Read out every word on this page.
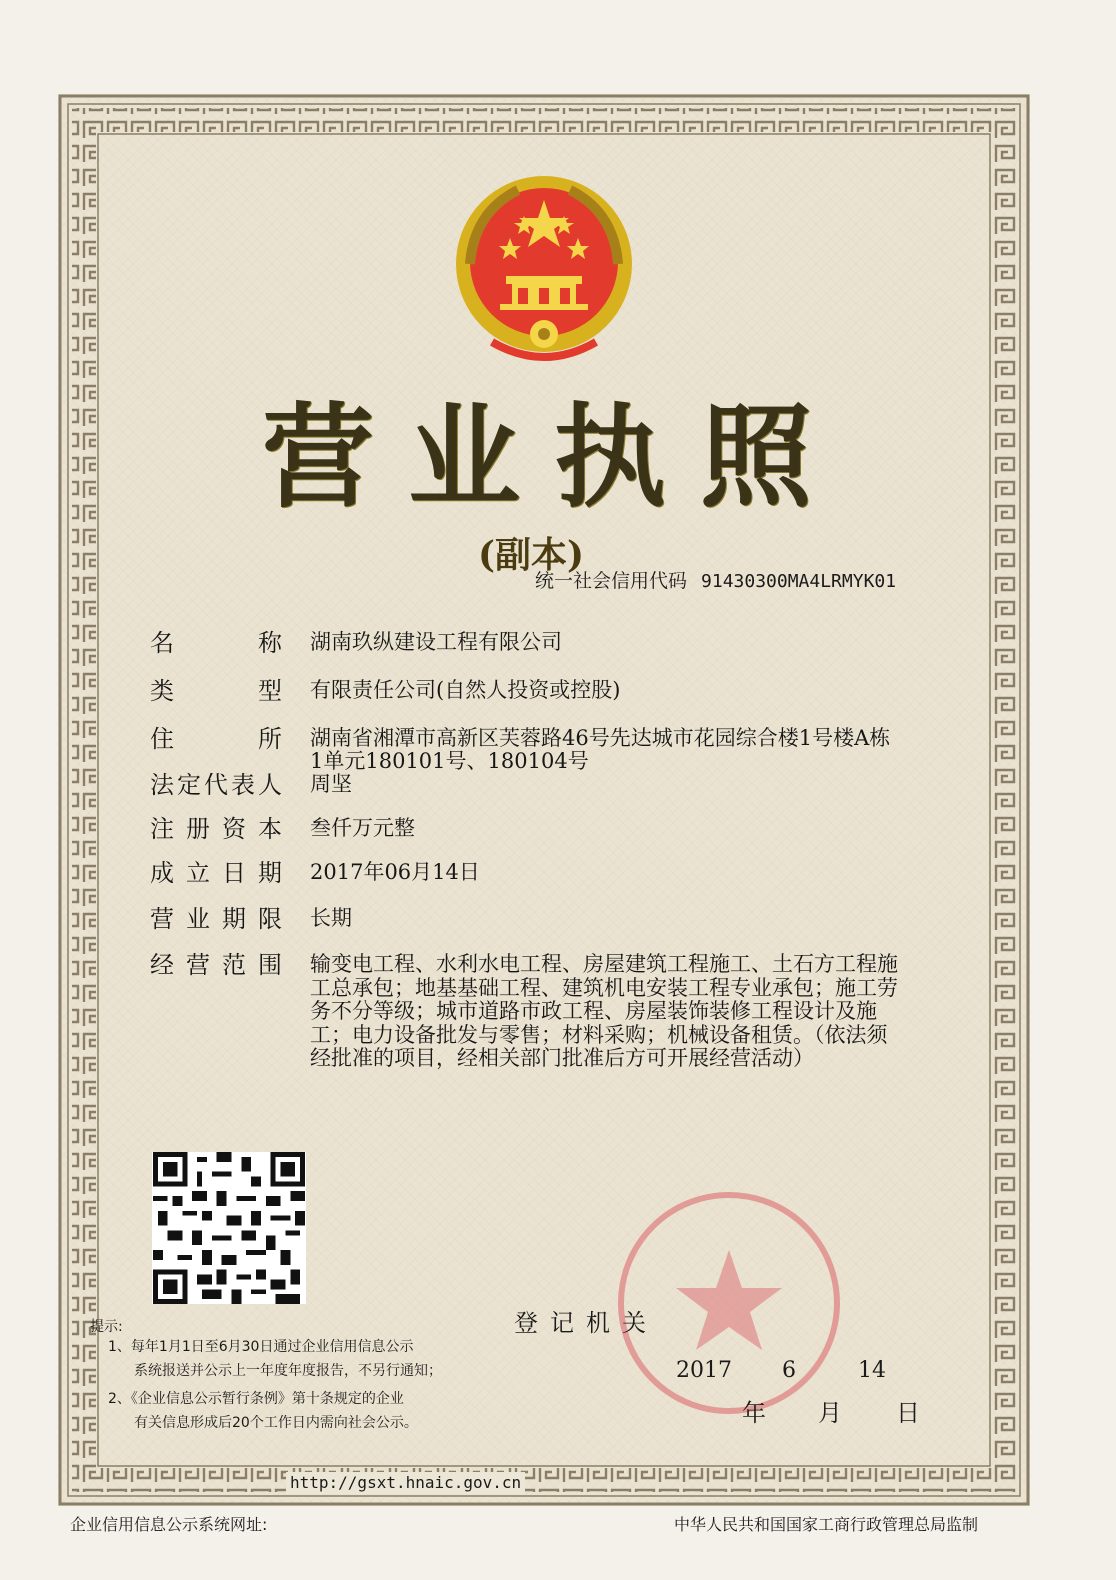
营业执照
(副本)
统一社会信用代码 91430300MA4LRMYK01
名	称 湖南玖纵建设工程有限公司
类	型 有限责任公司(自然人投资或控股)
住	所 湖南省湘潭市高新区芙蓉路46号先达城市花园综合楼1号楼A栋1单元180101号、180104号
法 定 代 表 人 周坚
注 册 资 本 叁仟万元整
成 立 日 期 2017年06月14日
营 业 期 限 长期
经 营 范 围 输变电工程、水利水电工程、房屋建筑工程施工、土石方工程施工总承包；地基基础工程、建筑机电安装工程专业承包；施工劳务不分等级；城市道路市政工程、房屋装饰装修工程设计及施工；电力设备批发与零售；材料采购；机械设备租赁。（依法须经批准的项目，经相关部门批准后方可开展经营活动）
提示:
1、每年1月1日至6月30日通过企业信用信息公示
系统报送并公示上一年度年度报告，不另行通知；
2、《企业信息公示暂行条例》第十条规定的企业
有关信息形成后20个工作日内需向社会公示。
登记机关
2017 6	14
年 月 日
http://gsxt.hnaic.gov.cn
企业信用信息公示系统网址:	中华人民共和国国家工商行政管理总局监制
